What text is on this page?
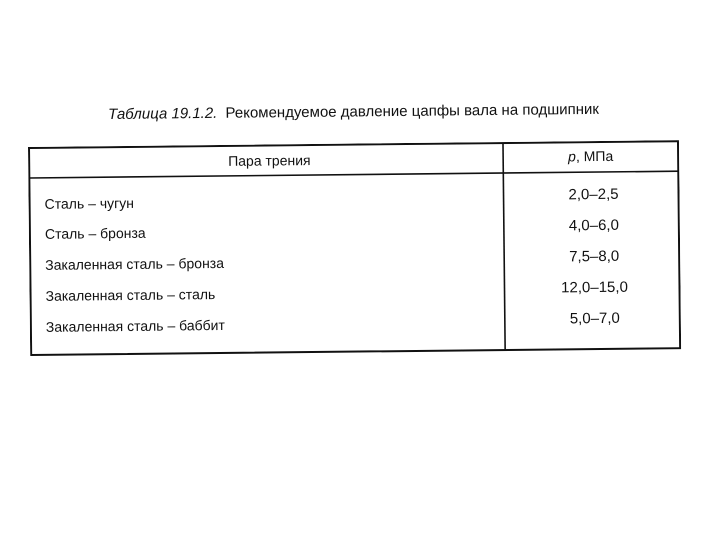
Таблица 19.1.2. Рекомендуемое давление цапфы вала на подшипник
Пара трения	p, МПа
Сталь – чугун
Сталь – бронза
Закаленная сталь – бронза
Закаленная сталь – сталь
Закаленная сталь – баббит
2,0–2,5
4,0–6,0
7,5–8,0
12,0–15,0
5,0–7,0
